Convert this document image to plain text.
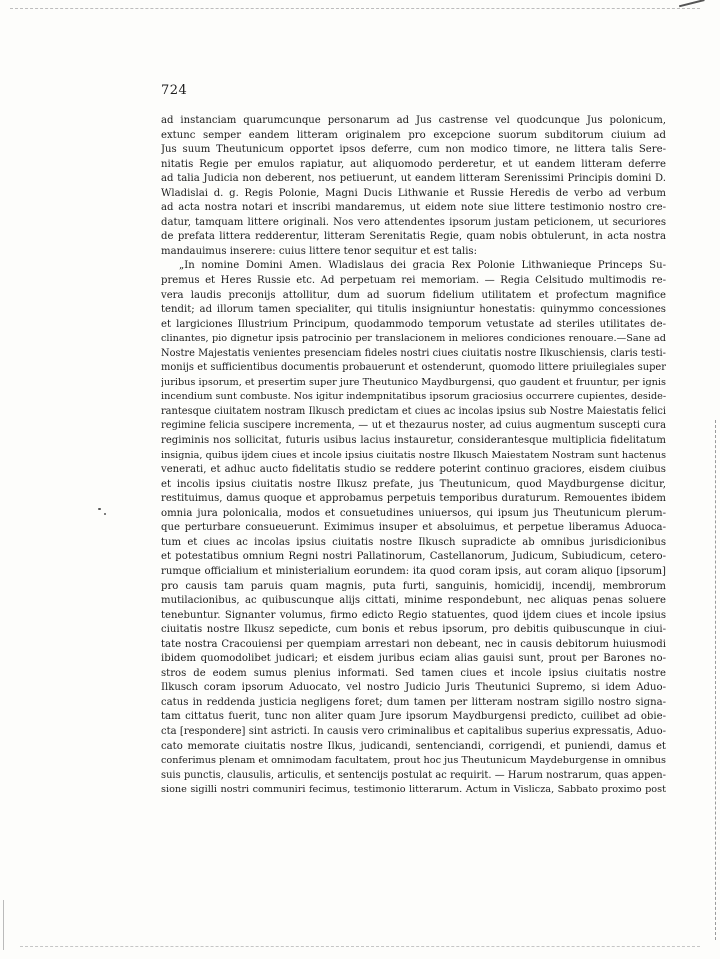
724
ad instanciam quarumcunque personarum ad Jus castrense vel quodcunque Jus polonicum,
extunc semper eandem litteram originalem pro excepcione suorum subditorum ciuium ad
Jus suum Theutunicum opportet ipsos deferre, cum non modico timore, ne littera talis Sere-
nitatis Regie per emulos rapiatur, aut aliquomodo perderetur, et ut eandem litteram deferre
ad talia Judicia non deberent, nos petiuerunt, ut eandem litteram Serenissimi Principis domini D.
Wladislai d. g. Regis Polonie, Magni Ducis Lithwanie et Russie Heredis de verbo ad verbum
ad acta nostra notari et inscribi mandaremus, ut eidem note siue littere testimonio nostro cre-
datur, tamquam littere originali. Nos vero attendentes ipsorum justam peticionem, ut securiores
de prefata littera redderentur, litteram Serenitatis Regie, quam nobis obtulerunt, in acta nostra
mandauimus inserere: cuius littere tenor sequitur et est talis:
„In nomine Domini Amen. Wladislaus dei gracia Rex Polonie Lithwanieque Princeps Su-
premus et Heres Russie etc. Ad perpetuam rei memoriam. — Regia Celsitudo multimodis re-
vera laudis preconijs attollitur, dum ad suorum fidelium utilitatem et profectum magnifice
tendit; ad illorum tamen specialiter, qui titulis insigniuntur honestatis: quinymmo concessiones
et largiciones Illustrium Principum, quodammodo temporum vetustate ad steriles utilitates de-
clinantes, pio dignetur ipsis patrocinio per translacionem in meliores condiciones renouare.—Sane ad
Nostre Majestatis venientes presenciam fideles nostri ciues ciuitatis nostre Ilkuschiensis, claris testi-
monijs et sufficientibus documentis probauerunt et ostenderunt, quomodo littere priuilegiales super
juribus ipsorum, et presertim super jure Theutunico Maydburgensi, quo gaudent et fruuntur, per ignis
incendium sunt combuste. Nos igitur indempnitatibus ipsorum graciosius occurrere cupientes, deside-
rantesque ciuitatem nostram Ilkusch predictam et ciues ac incolas ipsius sub Nostre Maiestatis felici
regimine felicia suscipere incrementa, — ut et thezaurus noster, ad cuius augmentum suscepti cura
regiminis nos sollicitat, futuris usibus lacius instauretur, considerantesque multiplicia fidelitatum
insignia, quibus ijdem ciues et incole ipsius ciuitatis nostre Ilkusch Maiestatem Nostram sunt hactenus
venerati, et adhuc aucto fidelitatis studio se reddere poterint continuo graciores, eisdem ciuibus
et incolis ipsius ciuitatis nostre Ilkusz prefate, jus Theutunicum, quod Maydburgense dicitur,
restituimus, damus quoque et approbamus perpetuis temporibus duraturum. Remouentes ibidem
omnia jura polonicalia, modos et consuetudines uniuersos, qui ipsum jus Theutunicum plerum-
que perturbare consueuerunt. Eximimus insuper et absoluimus, et perpetue liberamus Aduoca-
tum et ciues ac incolas ipsius ciuitatis nostre Ilkusch supradicte ab omnibus jurisdicionibus
et potestatibus omnium Regni nostri Pallatinorum, Castellanorum, Judicum, Subiudicum, cetero-
rumque officialium et ministerialium eorundem: ita quod coram ipsis, aut coram aliquo [ipsorum]
pro causis tam paruis quam magnis, puta furti, sanguinis, homicidij, incendij, membrorum
mutilacionibus, ac quibuscunque alijs cittati, minime respondebunt, nec aliquas penas soluere
tenebuntur. Signanter volumus, firmo edicto Regio statuentes, quod ijdem ciues et incole ipsius
ciuitatis nostre Ilkusz sepedicte, cum bonis et rebus ipsorum, pro debitis quibuscunque in ciui-
tate nostra Cracouiensi per quempiam arrestari non debeant, nec in causis debitorum huiusmodi
ibidem quomodolibet judicari; et eisdem juribus eciam alias gauisi sunt, prout per Barones no-
stros de eodem sumus plenius informati. Sed tamen ciues et incole ipsius ciuitatis nostre
Ilkusch coram ipsorum Aduocato, vel nostro Judicio Juris Theutunici Supremo, si idem Aduo-
catus in reddenda justicia negligens foret; dum tamen per litteram nostram sigillo nostro signa-
tam cittatus fuerit, tunc non aliter quam Jure ipsorum Maydburgensi predicto, cuilibet ad obie-
cta [respondere] sint astricti. In causis vero criminalibus et capitalibus superius expressatis, Aduo-
cato memorate ciuitatis nostre Ilkus, judicandi, sentenciandi, corrigendi, et puniendi, damus et
conferimus plenam et omnimodam facultatem, prout hoc jus Theutunicum Maydeburgense in omnibus
suis punctis, clausulis, articulis, et sentencijs postulat ac requirit. — Harum nostrarum, quas appen-
sione sigilli nostri communiri fecimus, testimonio litterarum. Actum in Vislicza, Sabbato proximo post
